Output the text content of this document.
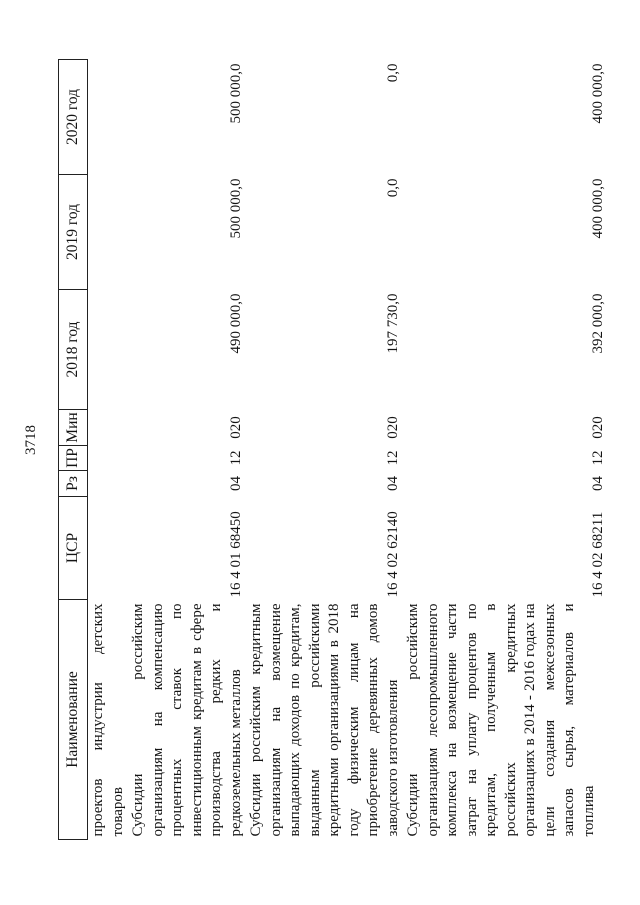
3718
Наименование	ЦСР	Рз	ПР	Мин	2018 год	2019 год	2020 год
проектов индустрии детских товаров							
Субсидии российским организациям на компенсацию процентных ставок по инвестиционным кредитам в сфере производства редких и редкоземельных металлов	16 4 01 68450	04	12	020	490 000,0	500 000,0	500 000,0
Субсидии российским кредитным организациям на возмещение выпадающих доходов по кредитам, выданным российскими кредитными организациями в 2018 году физическим лицам на приобретение деревянных домов заводского изготовления	16 4 02 62140	04	12	020	197 730,0	0,0	0,0
Субсидии российским организациям лесопромышленного комплекса на возмещение части затрат на уплату процентов по кредитам, полученным в российских кредитных организациях в 2014 - 2016 годах на цели создания межсезонных запасов сырья, материалов и топлива	16 4 02 68211	04	12	020	392 000,0	400 000,0	400 000,0
